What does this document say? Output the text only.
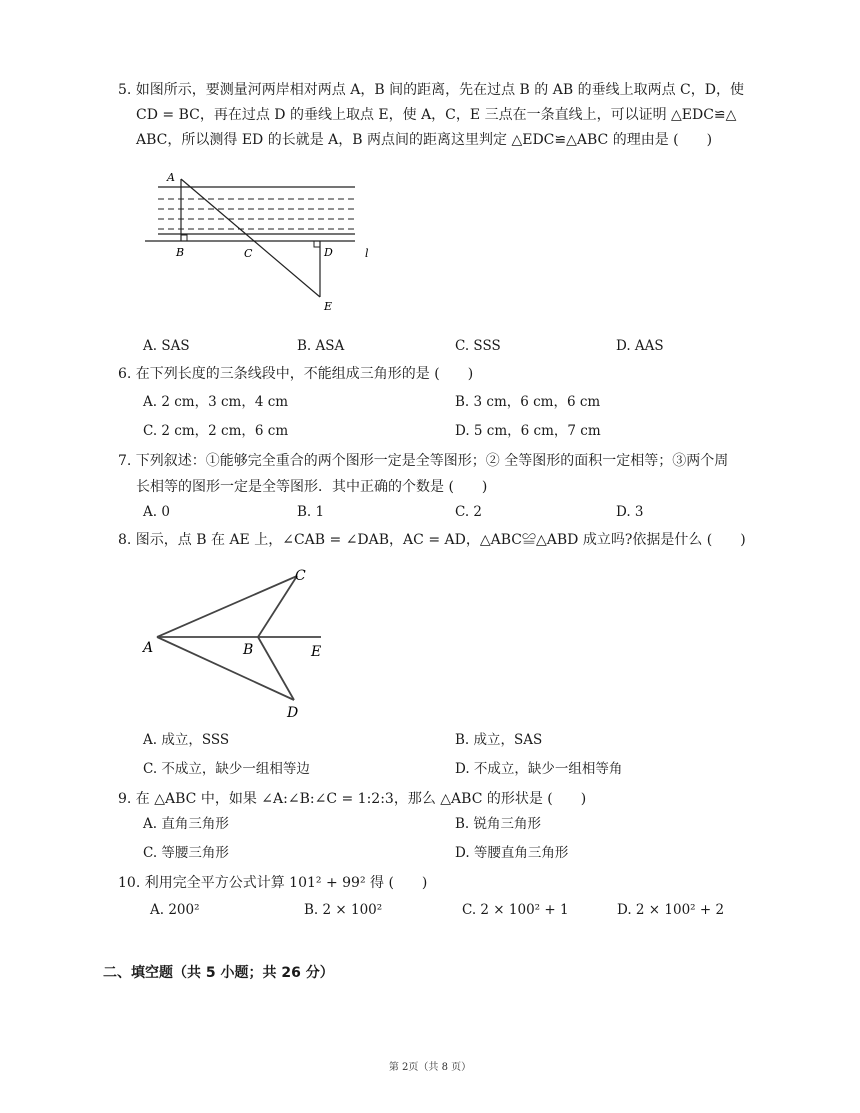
5. 如图所示，要测量河两岸相对两点 A，B 间的距离，先在过点 B 的 AB 的垂线上取两点 C，D，使
CD = BC，再在过点 D 的垂线上取点 E，使 A，C，E 三点在一条直线上，可以证明 △EDC≌△
ABC，所以测得 ED 的长就是 A，B 两点间的距离这里判定 △EDC≌△ABC 的理由是 (　　)
A
B	C	D	l
E
A. SAS	B. ASA	C. SSS	D. AAS
6. 在下列长度的三条线段中，不能组成三角形的是 (　　)
A. 2 cm，3 cm，4 cm	B. 3 cm，6 cm，6 cm
C. 2 cm，2 cm，6 cm	D. 5 cm，6 cm，7 cm
7. 下列叙述：①能够完全重合的两个图形一定是全等图形；② 全等图形的面积一定相等；③两个周
长相等的图形一定是全等图形．其中正确的个数是 (　　)
A. 0	B. 1	C. 2	D. 3
8. 图示，点 B 在 AE 上，∠CAB = ∠DAB，AC = AD，△ABC≌△ABD 成立吗?依据是什么 (　　)
C
A	B	E
D
A. 成立，SSS	B. 成立，SAS
C. 不成立，缺少一组相等边	D. 不成立，缺少一组相等角
9. 在 △ABC 中，如果 ∠A:∠B:∠C = 1:2:3，那么 △ABC 的形状是 (　　)
A. 直角三角形	B. 锐角三角形
C. 等腰三角形	D. 等腰直角三角形
10. 利用完全平方公式计算 101² + 99² 得 (　　)
A. 200²	B. 2 × 100²	C. 2 × 100² + 1	D. 2 × 100² + 2
二、填空题（共 5 小题；共 26 分）
第 2页（共 8 页）
